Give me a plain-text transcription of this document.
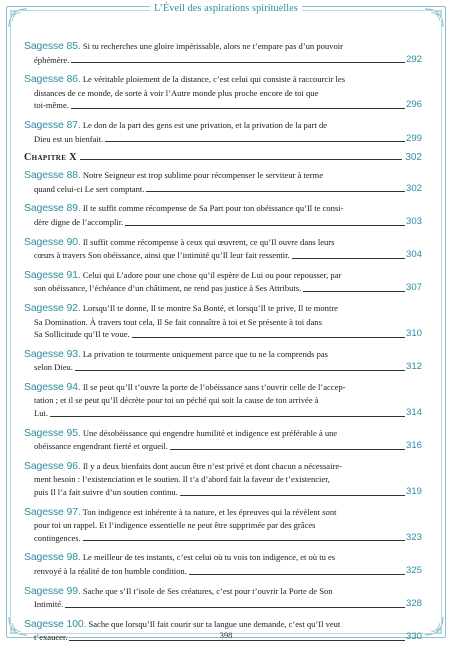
L’Éveil des aspirations spirituelles
Sagesse 85. Si tu recherches une gloire impérissable, alors ne t’empare pas d’un pouvoir
éphémère.	292
Sagesse 86. Le véritable ploiement de la distance, c’est celui qui consiste à raccourcir les
distances de ce monde, de sorte à voir l’Autre monde plus proche encore de toi que
toi-même.	296
Sagesse 87. Le don de la part des gens est une privation, et la privation de la part de
Dieu est un bienfait.	299
Chapitre X	302
Sagesse 88. Notre Seigneur est trop sublime pour récompenser le serviteur à terme
quand celui-ci Le sert comptant.	302
Sagesse 89. Il te suffit comme récompense de Sa Part pour ton obéissance qu’Il te consi-
dère digne de l’accomplir.	303
Sagesse 90. Il suffit comme récompense à ceux qui œuvrent, ce qu’Il ouvre dans leurs
cœurs à travers Son obéissance, ainsi que l’intimité qu’Il leur fait ressentir.	304
Sagesse 91. Celui qui L’adore pour une chose qu’il espère de Lui ou pour repousser, par
son obéissance, l’échéance d’un châtiment, ne rend pas justice à Ses Attributs.	307
Sagesse 92. Lorsqu’Il te donne, Il te montre Sa Bonté, et lorsqu’Il te prive, Il te montre
Sa Domination. À travers tout cela, Il Se fait connaître à toi et Se présente à toi dans
Sa Sollicitude qu’Il te voue.	310
Sagesse 93. La privation te tourmente uniquement parce que tu ne la comprends pas
selon Dieu.	312
Sagesse 94. Il se peut qu’Il t’ouvre la porte de l’obéissance sans t’ouvrir celle de l’accep-
tation ; et il se peut qu’Il décrète pour toi un péché qui soit la cause de ton arrivée à
Lui.	314
Sagesse 95. Une désobéissance qui engendre humilité et indigence est préférable à une
obéissance engendrant fierté et orgueil.	316
Sagesse 96. Il y a deux bienfaits dont aucun être n’est privé et dont chacun a nécessaire-
ment besoin : l’existenciation et le soutien. Il t’a d’abord fait la faveur de t’existencier,
puis Il l’a fait suivre d’un soutien continu.	319
Sagesse 97. Ton indigence est inhérente à ta nature, et les épreuves qui la révèlent sont
pour toi un rappel. Et l’indigence essentielle ne peut être supprimée par des grâces
contingences.	323
Sagesse 98. Le meilleur de tes instants, c’est celui où tu vois ton indigence, et où tu es
renvoyé à la réalité de ton humble condition.	325
Sagesse 99. Sache que s’Il t’isole de Ses créatures, c’est pour t’ouvrir la Porte de Son
Intimité.	328
Sagesse 100. Sache que lorsqu’Il fait courir sur ta langue une demande, c’est qu’Il veut
t’exaucer.	330
398
